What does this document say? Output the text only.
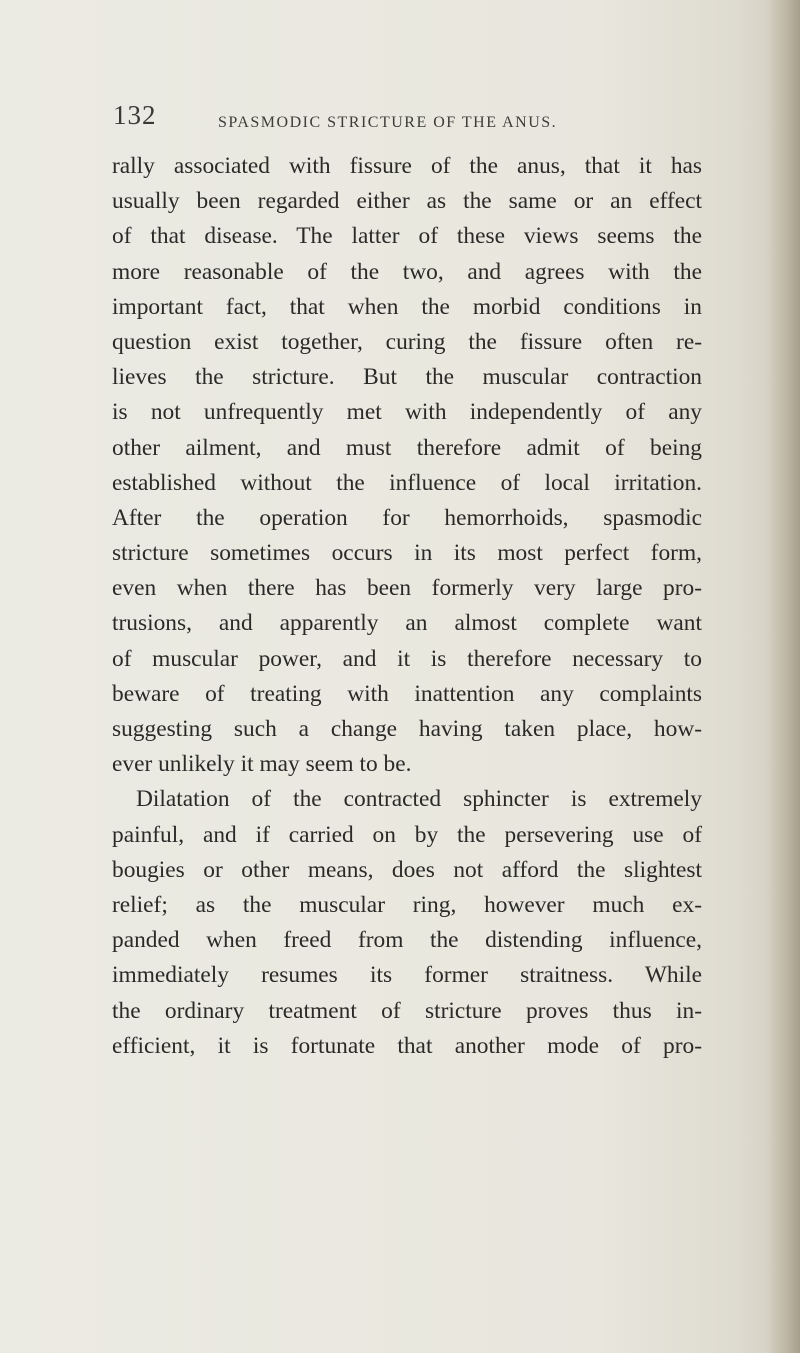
132	SPASMODIC STRICTURE OF THE ANUS.
rally associated with fissure of the anus, that it has
usually been regarded either as the same or an effect
of that disease. The latter of these views seems the
more reasonable of the two, and agrees with the
important fact, that when the morbid conditions in
question exist together, curing the fissure often re-
lieves the stricture. But the muscular contraction
is not unfrequently met with independently of any
other ailment, and must therefore admit of being
established without the influence of local irritation.
After the operation for hemorrhoids, spasmodic
stricture sometimes occurs in its most perfect form,
even when there has been formerly very large pro-
trusions, and apparently an almost complete want
of muscular power, and it is therefore necessary to
beware of treating with inattention any complaints
suggesting such a change having taken place, how-
ever unlikely it may seem to be.
Dilatation of the contracted sphincter is extremely
painful, and if carried on by the persevering use of
bougies or other means, does not afford the slightest
relief; as the muscular ring, however much ex-
panded when freed from the distending influence,
immediately resumes its former straitness. While
the ordinary treatment of stricture proves thus in-
efficient, it is fortunate that another mode of pro-
